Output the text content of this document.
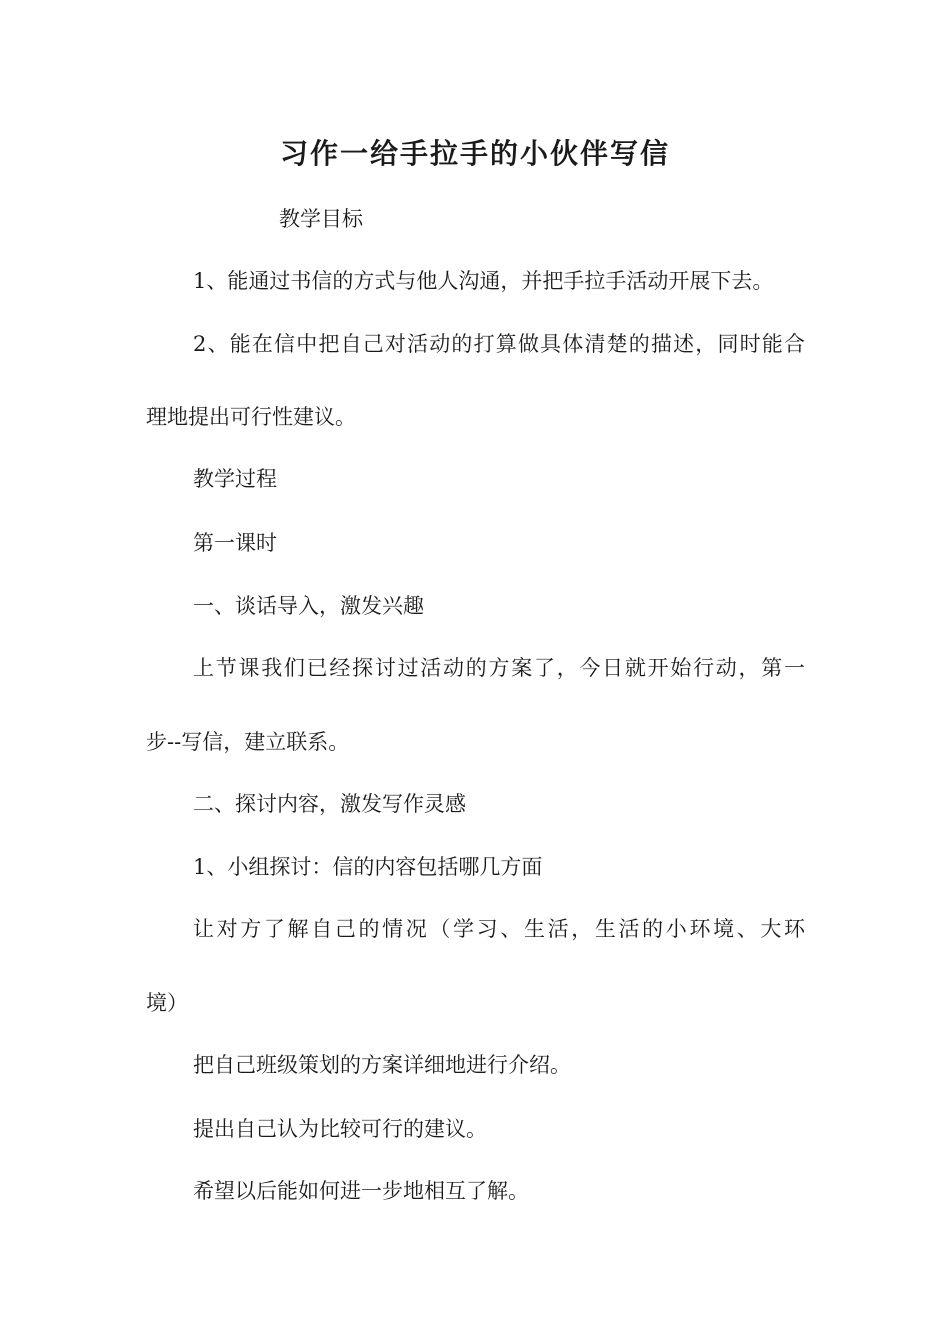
习作一给手拉手的小伙伴写信
教学目标
1、能通过书信的方式与他人沟通，并把手拉手活动开展下去。
2、能在信中把自己对活动的打算做具体清楚的描述，同时能合
理地提出可行性建议。
教学过程
第一课时
一、谈话导入，激发兴趣
上节课我们已经探讨过活动的方案了，今日就开始行动，第一
步--写信，建立联系。
二、探讨内容，激发写作灵感
1、小组探讨：信的内容包括哪几方面
让对方了解自己的情况（学习、生活，生活的小环境、大环
境）
把自己班级策划的方案详细地进行介绍。
提出自己认为比较可行的建议。
希望以后能如何进一步地相互了解。
